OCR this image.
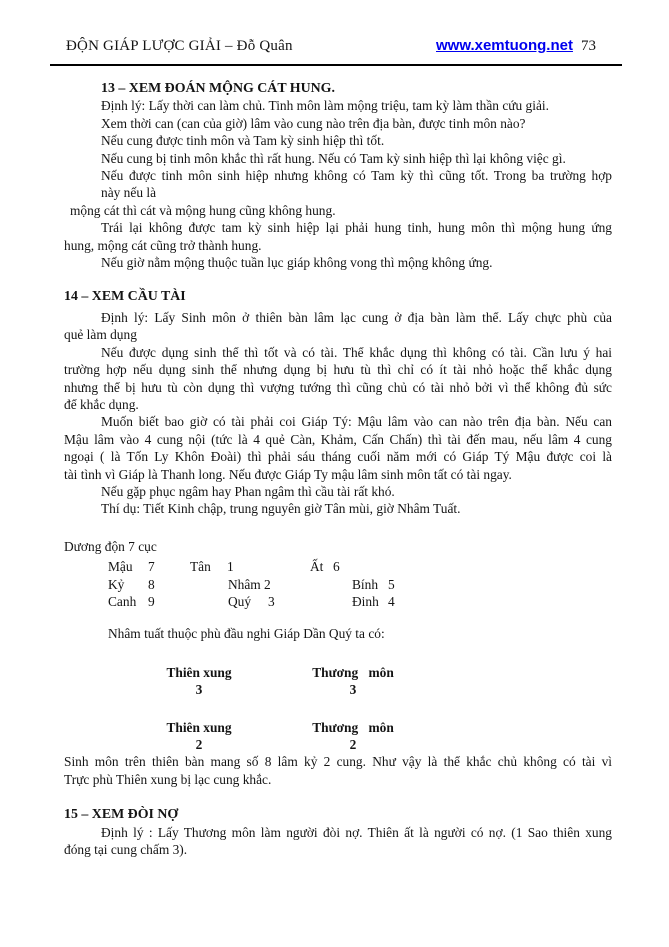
ĐỘN GIÁP LƯỢC GIẢI – Đỗ Quân	www.xemtuong.net 73
13 – XEM ĐOÁN MỘNG CÁT HUNG.
Định lý: Lấy thời can làm chủ. Tinh môn làm mộng triệu, tam kỳ làm thần cứu giải.
Xem thời can (can của giờ) lâm vào cung nào trên địa bàn, được tinh môn nào?
Nếu cung được tinh môn và Tam kỳ sinh hiệp thì tốt.
Nếu cung bị tinh môn khắc thì rất hung. Nếu có Tam kỳ sinh hiệp thì lại không việc gì.
Nếu được tinh môn sinh hiệp nhưng không có Tam kỳ thì cũng tốt. Trong ba trường hợp
này nếu là
mộng cát thì cát và mộng hung cũng không hung.
Trái lại không được tam kỳ sinh hiệp lại phải hung tinh, hung môn thì mộng hung ứng
hung, mộng cát cũng trở thành hung.
Nếu giờ nằm mộng thuộc tuần lục giáp không vong thì mộng không ứng.
14 – XEM CẦU TÀI
Định lý: Lấy Sinh môn ở thiên bàn lâm lạc cung ở địa bàn làm thể. Lấy chực phù của
quẻ làm dụng
Nếu được dụng sinh thể thì tốt và có tài. Thể khắc dụng thì không có tài. Cần lưu ý hai
trường hợp nếu dụng sinh thể nhưng dụng bị hưu tù thì chỉ có ít tài nhỏ hoặc thể khắc dụng
nhưng thể bị hưu tù còn dụng thì vượng tướng thì cũng chủ có tài nhỏ bởi vì thể không đủ sức
để khắc dụng.
Muốn biết bao giờ có tài phải coi Giáp Tý: Mậu lâm vào can nào trên địa bàn. Nếu can
Mậu lâm vào 4 cung nội (tức là 4 quẻ Càn, Khảm, Cấn Chấn) thì tài đến mau, nếu lâm 4 cung
ngoại ( là Tốn Ly Khôn Đoài) thì phải sáu tháng cuối năm mới có Giáp Tý Mậu được coi là
tài tình vì Giáp là Thanh long. Nếu được Giáp Ty mậu lâm sinh môn tất có tài ngay.
Nếu gặp phục ngâm hay Phan ngâm thì cầu tài rất khó.
Thí dụ: Tiết Kinh chập, trung nguyên giờ Tân mùi, giờ Nhâm Tuất.
Dương độn 7 cục
Mậu 7	Tân 1	Ất 6
Kỷ 8	Nhâm 2	Bính 5
Canh 9	Quý 3	Đinh 4
Nhâm tuất thuộc phù đầu nghi Giáp Dần Quý ta có:
Thiên xung	Thương môn
3	3
Thiên xung	Thương môn
2	2
Sinh môn trên thiên bàn mang số 8 lâm kỷ 2 cung. Như vậy là thể khắc chủ không có tài vì
Trực phù Thiên xung bị lạc cung khắc.
15 – XEM ĐÒI NỢ
Định lý : Lấy Thương môn làm người đòi nợ. Thiên ất là người có nợ. (1 Sao thiên xung
đóng tại cung chấm 3).
